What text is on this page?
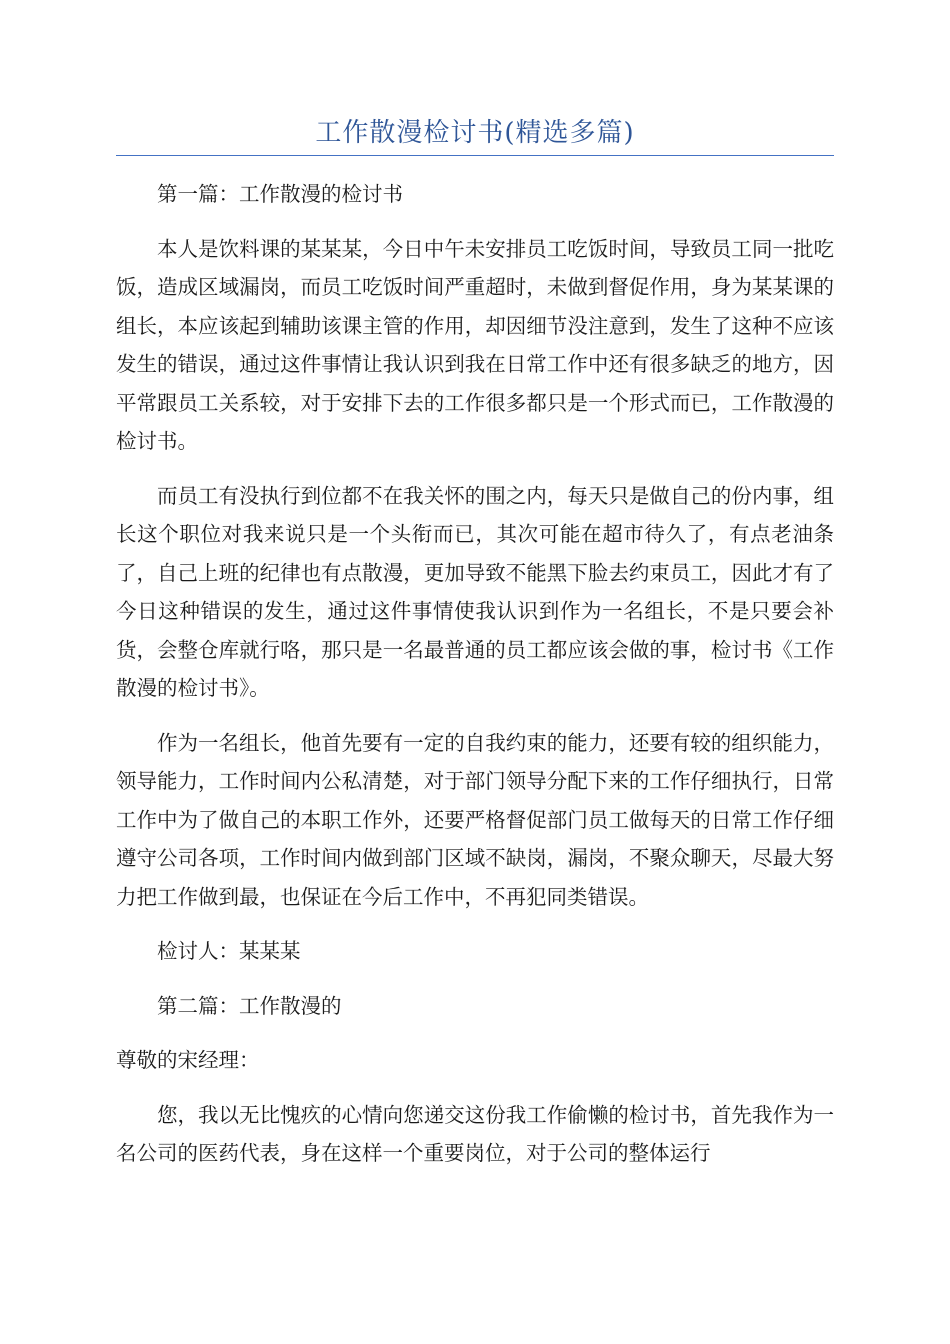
工作散漫检讨书(精选多篇)

第一篇：工作散漫的检讨书

本人是饮料课的某某某，今日中午未安排员工吃饭时间，导致员工同一批吃饭，造成区域漏岗，而员工吃饭时间严重超时，未做到督促作用，身为某某课的组长，本应该起到辅助该课主管的作用，却因细节没注意到，发生了这种不应该发生的错误，通过这件事情让我认识到我在日常工作中还有很多缺乏的地方，因平常跟员工关系较，对于安排下去的工作很多都只是一个形式而已，工作散漫的检讨书。

而员工有没执行到位都不在我关怀的围之内，每天只是做自己的份内事，组长这个职位对我来说只是一个头衔而已，其次可能在超市待久了，有点老油条了，自己上班的纪律也有点散漫，更加导致不能黑下脸去约束员工，因此才有了今日这种错误的发生，通过这件事情使我认识到作为一名组长，不是只要会补货，会整仓库就行咯，那只是一名最普通的员工都应该会做的事，检讨书《工作散漫的检讨书》。

作为一名组长，他首先要有一定的自我约束的能力，还要有较的组织能力，领导能力，工作时间内公私清楚，对于部门领导分配下来的工作仔细执行，日常工作中为了做自己的本职工作外，还要严格督促部门员工做每天的日常工作仔细遵守公司各项，工作时间内做到部门区域不缺岗，漏岗，不聚众聊天，尽最大努力把工作做到最，也保证在今后工作中，不再犯同类错误。

检讨人：某某某

第二篇：工作散漫的

尊敬的宋经理：

您，我以无比愧疚的心情向您递交这份我工作偷懒的检讨书，首先我作为一名公司的医药代表，身在这样一个重要岗位，对于公司的整体运行
